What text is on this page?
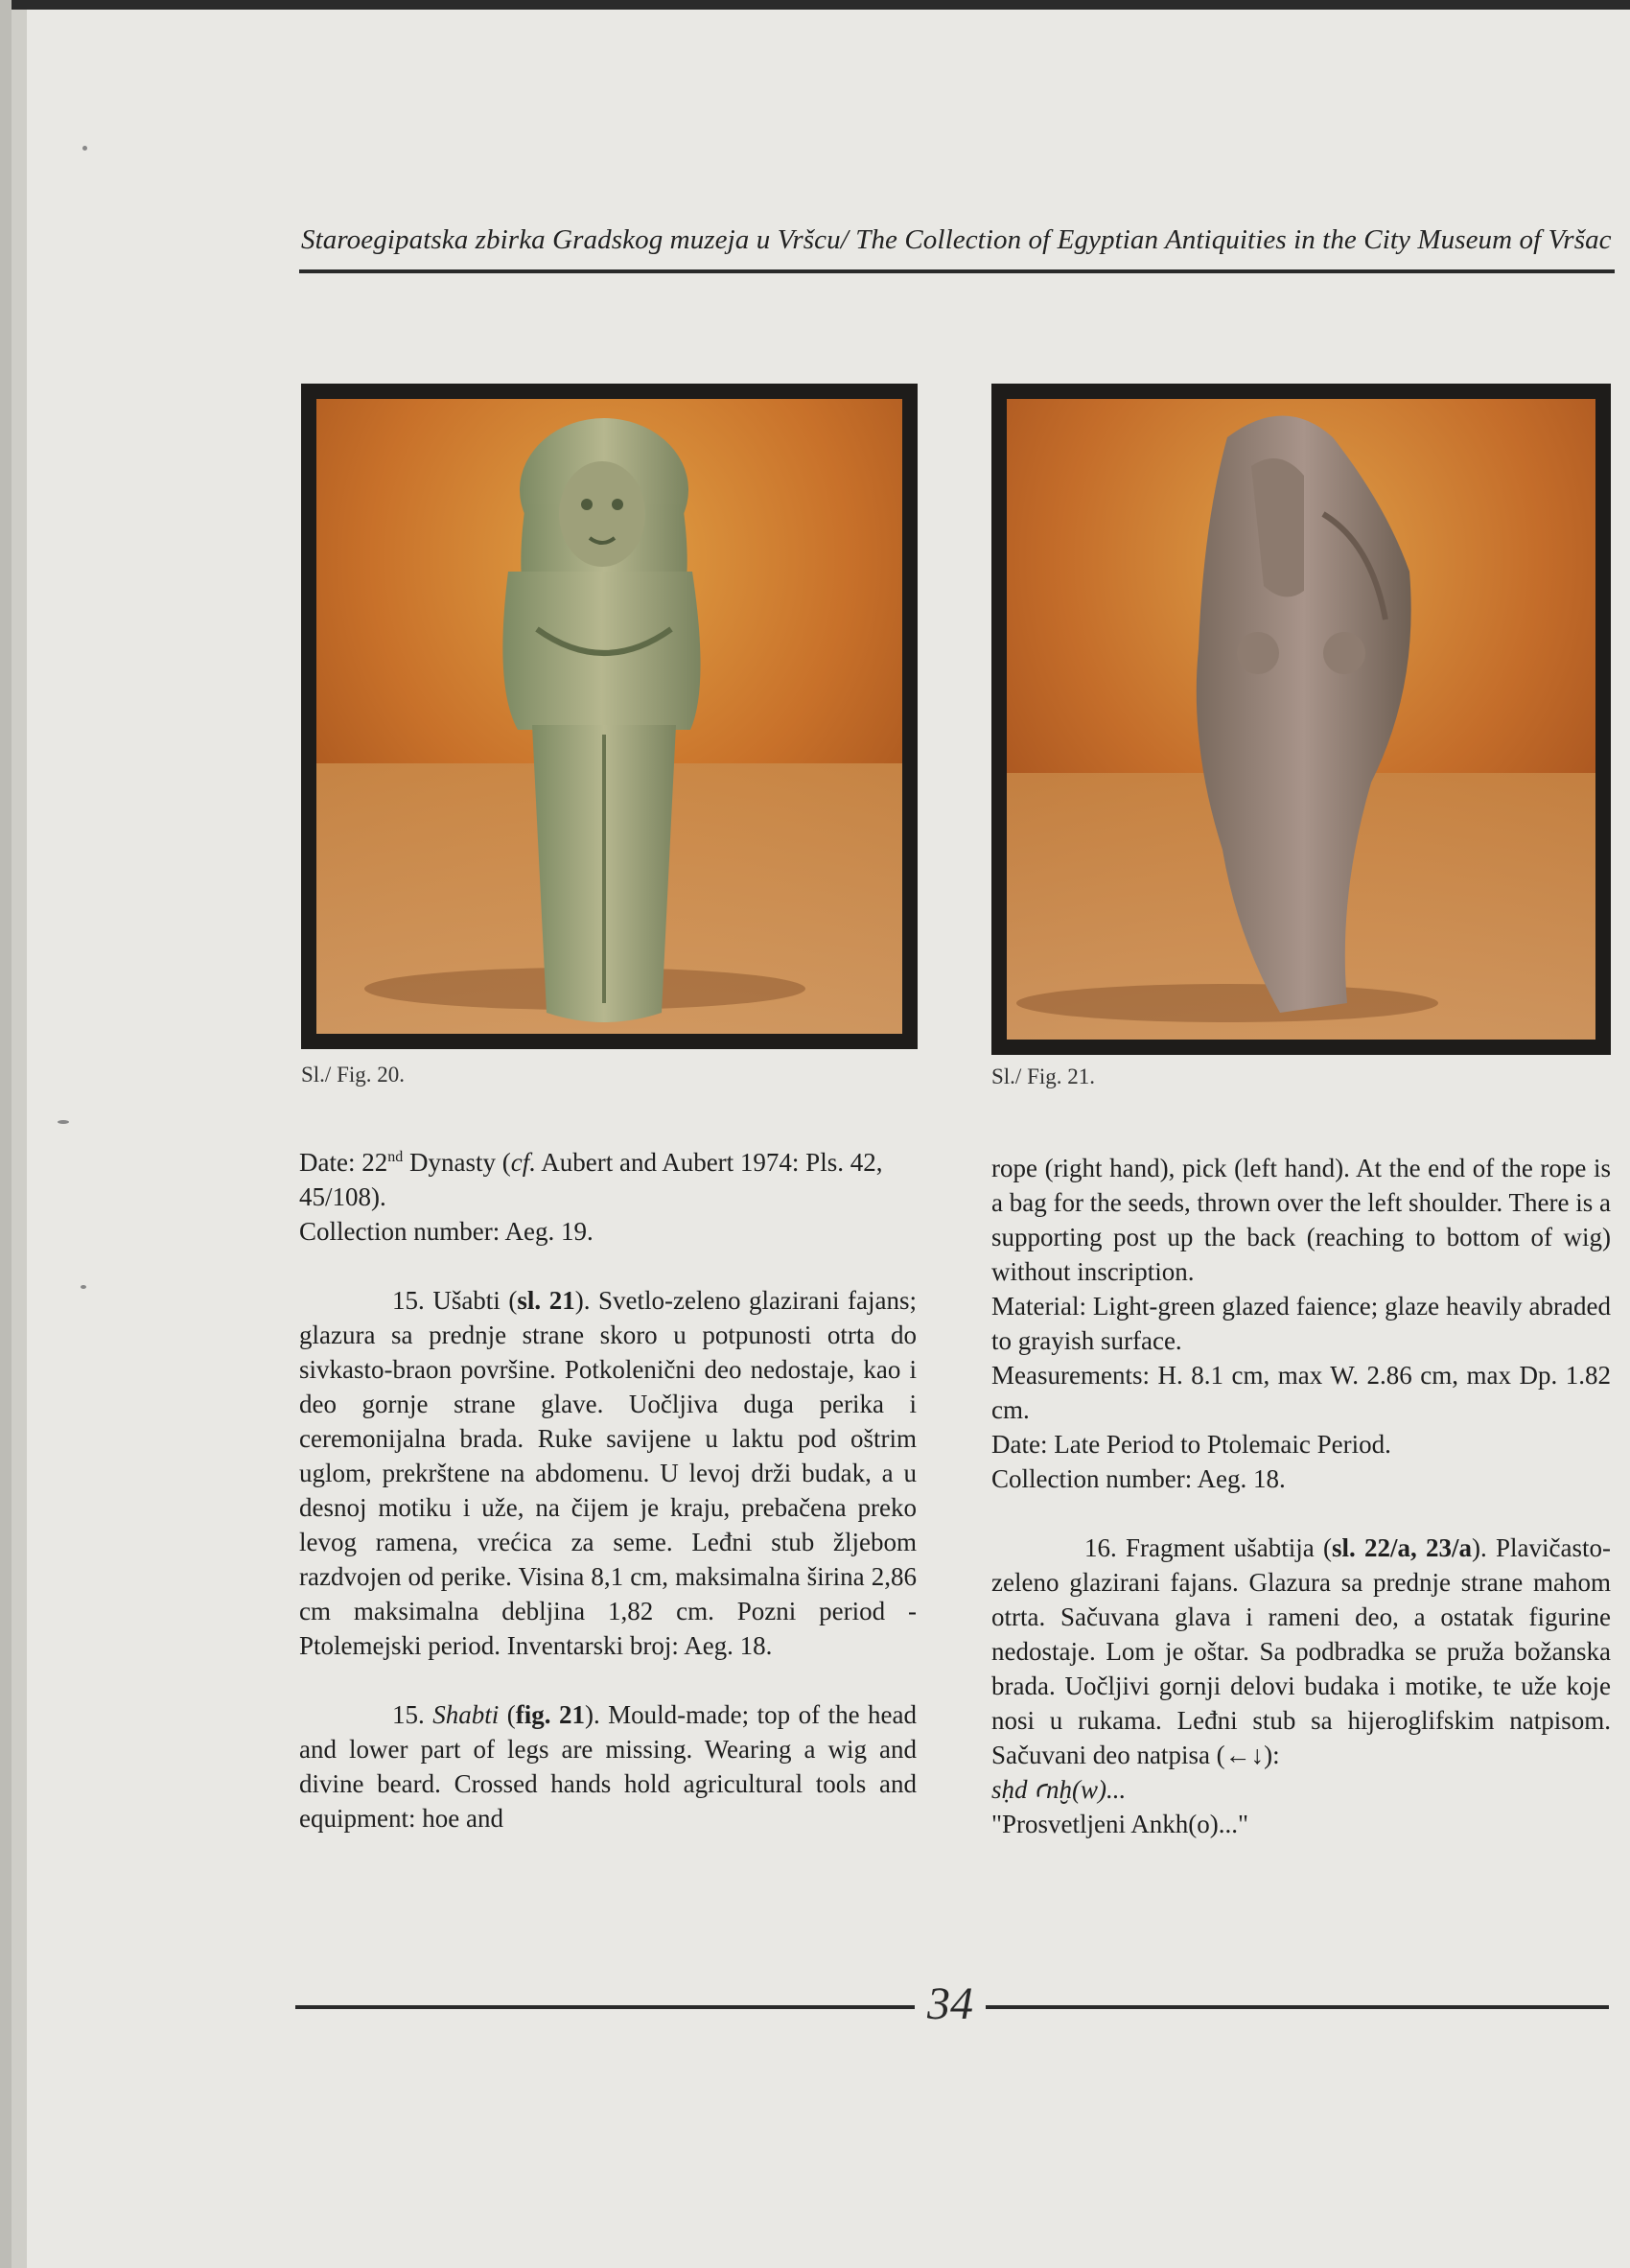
Staroegipatska zbirka Gradskog muzeja u Vršcu/ The Collection of Egyptian Antiquities in the City Museum of Vršac
Sl./ Fig. 20.	Sl./ Fig. 21.

Date: 22nd Dynasty (cf. Aubert and Aubert 1974: Pls. 42, 45/108).

Collection number: Aeg. 19.

15. Ušabti (sl. 21). Svetlo-zeleno glazirani fajans; glazura sa prednje strane skoro u potpunosti otrta do sivkasto-braon površine. Potkolenični deo nedostaje, kao i deo gornje strane glave. Uočljiva duga perika i ceremonijalna brada. Ruke savijene u laktu pod oštrim uglom, prekrštene na abdomenu. U levoj drži budak, a u desnoj motiku i uže, na čijem je kraju, prebačena preko levog ramena, vrećica za seme. Leđni stub žljebom razdvojen od perike. Visina 8,1 cm, maksimalna širina 2,86 cm maksimalna debljina 1,82 cm. Pozni period - Ptolemejski period. Inventarski broj: Aeg. 18.

15. Shabti (fig. 21). Mould-made; top of the head and lower part of legs are missing. Wearing a wig and divine beard. Crossed hands hold agricultural tools and equipment: hoe and

rope (right hand), pick (left hand). At the end of the rope is a bag for the seeds, thrown over the left shoulder. There is a supporting post up the back (reaching to bottom of wig) without inscription.

Material: Light-green glazed faience; glaze heavily abraded to grayish surface.

Measurements: H. 8.1 cm, max W. 2.86 cm, max Dp. 1.82 cm.

Date: Late Period to Ptolemaic Period.

Collection number: Aeg. 18.

16. Fragment ušabtija (sl. 22/a, 23/a). Plavičasto-zeleno glazirani fajans. Glazura sa prednje strane mahom otrta. Sačuvana glava i rameni deo, a ostatak figurine nedostaje. Lom je oštar. Sa podbradka se pruža božanska brada. Uočljivi gornji delovi budaka i motike, te uže koje nosi u rukama. Leđni stub sa hijeroglifskim natpisom. Sačuvani deo natpisa (←↓):

sḥd ꜥnḫ(w)...

"Prosvetljeni Ankh(o)..."

34
